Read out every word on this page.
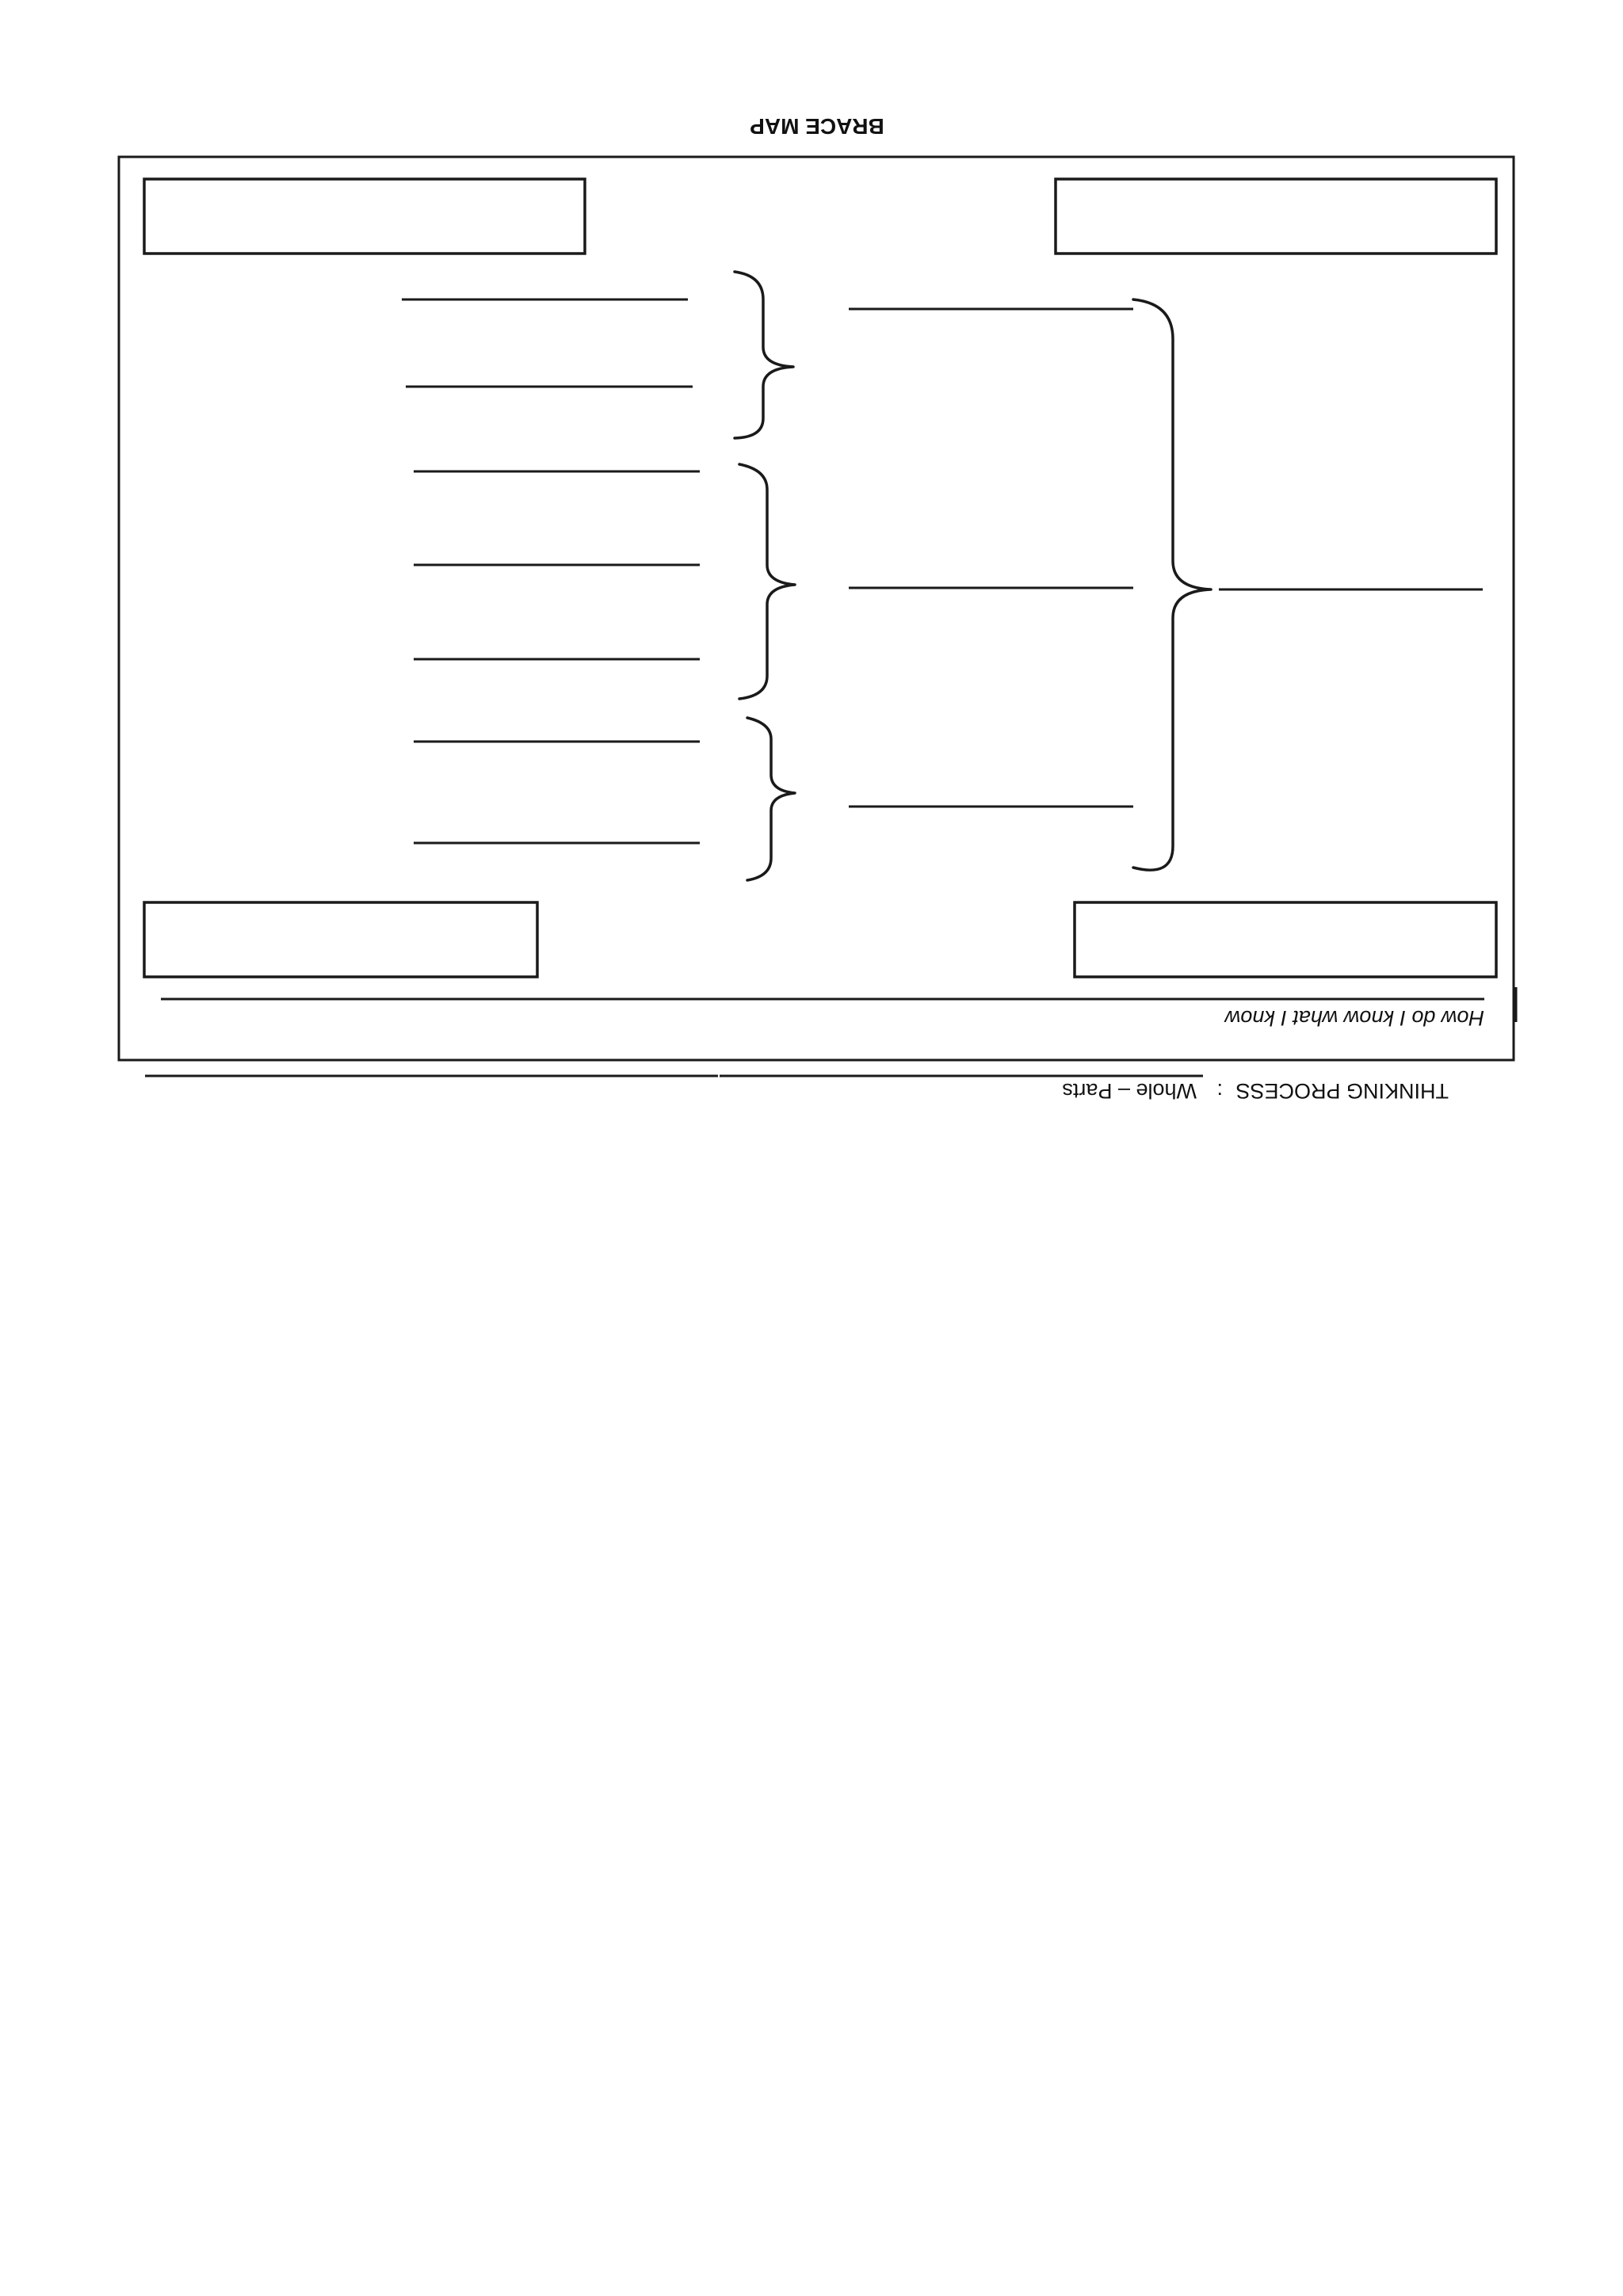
BRACE MAP
How do I know what I know
THINKING PROCESS
:
Whole – Parts
